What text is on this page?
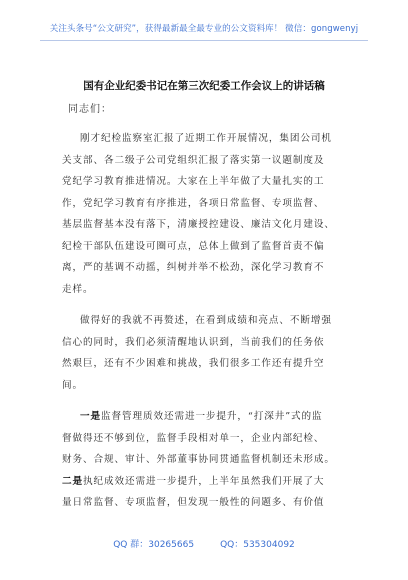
关注头条号“公文研究”，获得最新最全最专业的公文资料库！ 微信：gongwenyj
国有企业纪委书记在第三次纪委工作会议上的讲话稿
同志们：

刚才纪检监察室汇报了近期工作开展情况，集团公司机
关支部、各二级子公司党组织汇报了落实第一议题制度及
党纪学习教育推进情况。大家在上半年做了大量扎实的工
作，党纪学习教育有序推进，各项日常监督、专项监督、
基层监督基本没有落下，清廉授控建设、廉洁文化月建设、
纪检干部队伍建设可圈可点，总体上做到了监督首责不偏
离，严的基调不动摇，纠树并举不松劲，深化学习教育不
走样。

做得好的我就不再赘述，在看到成绩和亮点、不断增强
信心的同时，我们必须清醒地认识到，当前我们的任务依
然艰巨，还有不少困难和挑战，我们很多工作还有提升空
间。

一是监督管理质效还需进一步提升，“打深井”式的监
督做得还不够到位，监督手段相对单一，企业内部纪检、
财务、合规、审计、外部董事协同贯通监督机制还未形成。
二是执纪成效还需进一步提升，上半年虽然我们开展了大
量日常监督、专项监督，但发现一般性的问题多、有价值

QQ 群：30265665	QQ：535304092
